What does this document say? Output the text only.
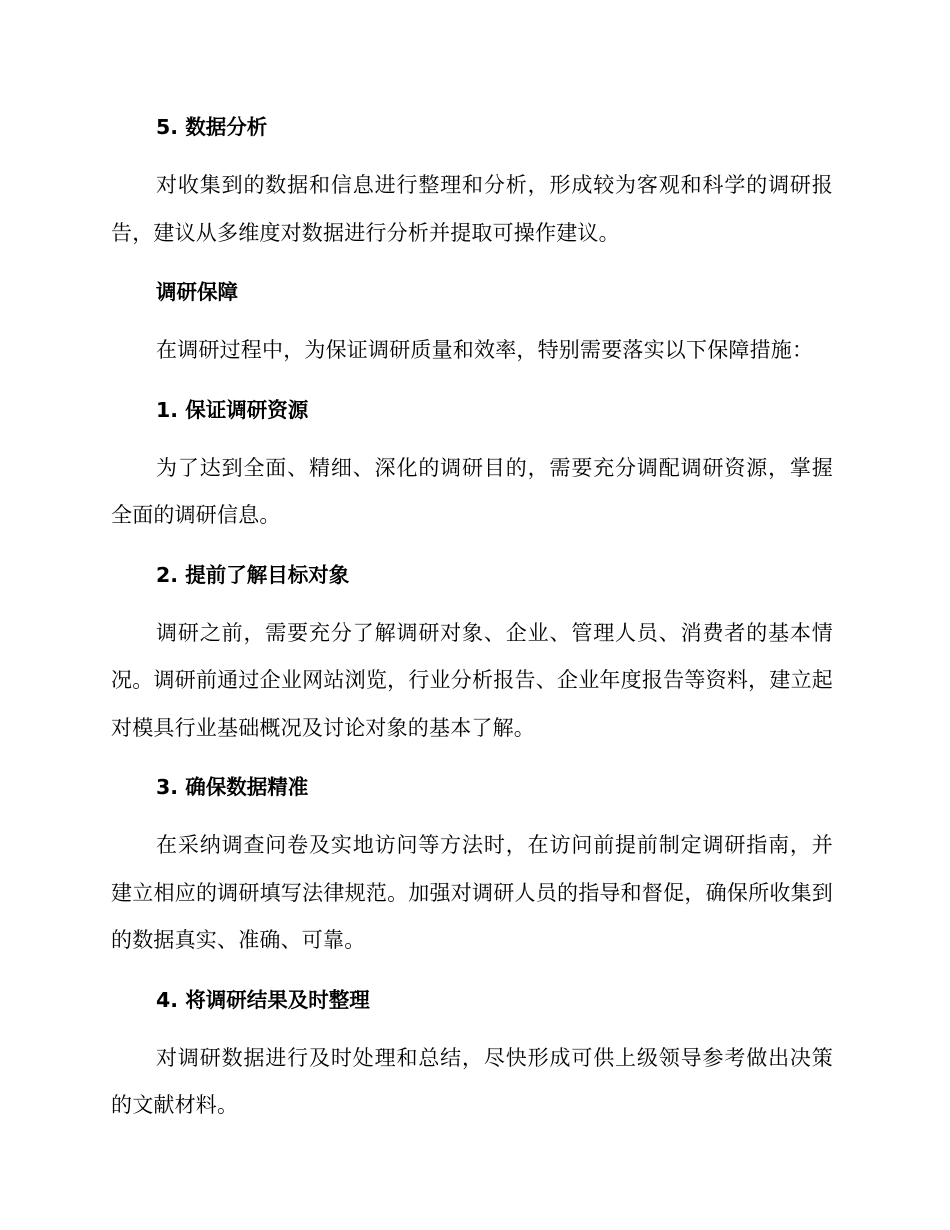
5. 数据分析

对收集到的数据和信息进行整理和分析，形成较为客观和科学的调研报告，建议从多维度对数据进行分析并提取可操作建议。

调研保障

在调研过程中，为保证调研质量和效率，特别需要落实以下保障措施：

1. 保证调研资源

为了达到全面、精细、深化的调研目的，需要充分调配调研资源，掌握全面的调研信息。

2. 提前了解目标对象

调研之前，需要充分了解调研对象、企业、管理人员、消费者的基本情况。调研前通过企业网站浏览，行业分析报告、企业年度报告等资料，建立起对模具行业基础概况及讨论对象的基本了解。

3. 确保数据精准

在采纳调查问卷及实地访问等方法时，在访问前提前制定调研指南，并建立相应的调研填写法律规范。加强对调研人员的指导和督促，确保所收集到的数据真实、准确、可靠。

4. 将调研结果及时整理

对调研数据进行及时处理和总结，尽快形成可供上级领导参考做出决策的文献材料。
